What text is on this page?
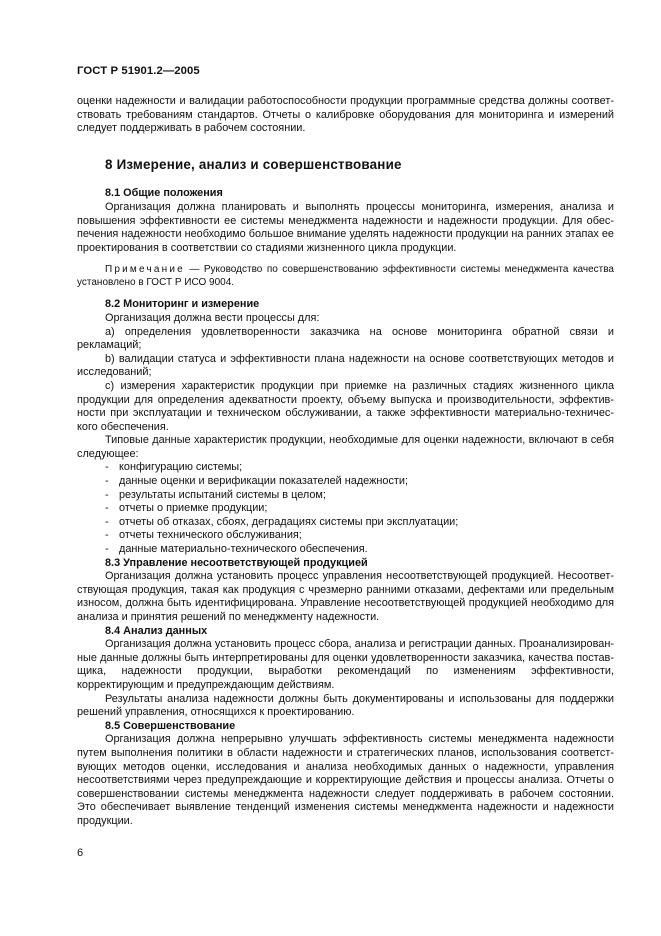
ГОСТ Р 51901.2—2005

оценки надежности и валидации работоспособности продукции программные средства должны соответствовать требованиям стандартов. Отчеты о калибровке оборудования для мониторинга и измерений следует поддерживать в рабочем состоянии.

8 Измерение, анализ и совершенствование

8.1 Общие положения

Организация должна планировать и выполнять процессы мониторинга, измерения, анализа и повышения эффективности ее системы менеджмента надежности и надежности продукции. Для обеспечения надежности необходимо большое внимание уделять надежности продукции на ранних этапах ее проектирования в соответствии со стадиями жизненного цикла продукции.

Примечание — Руководство по совершенствованию эффективности системы менеджмента качества установлено в ГОСТ Р ИСО 9004.

8.2 Мониторинг и измерение

Организация должна вести процессы для:

а) определения удовлетворенности заказчика на основе мониторинга обратной связи и рекламаций;

b) валидации статуса и эффективности плана надежности на основе соответствующих методов и исследований;

c) измерения характеристик продукции при приемке на различных стадиях жизненного цикла продукции для определения адекватности проекту, объему выпуска и производительности, эффективности при эксплуатации и техническом обслуживании, а также эффективности материально-технического обеспечения.

Типовые данные характеристик продукции, необходимые для оценки надежности, включают в себя следующее:

- конфигурацию системы;

- данные оценки и верификации показателей надежности;

- результаты испытаний системы в целом;

- отчеты о приемке продукции;

- отчеты об отказах, сбоях, деградациях системы при эксплуатации;

- отчеты технического обслуживания;

- данные материально-технического обеспечения.

8.3 Управление несоответствующей продукцией

Организация должна установить процесс управления несоответствующей продукцией. Несоответствующая продукция, такая как продукция с чрезмерно ранними отказами, дефектами или предельным износом, должна быть идентифицирована. Управление несоответствующей продукцией необходимо для анализа и принятия решений по менеджменту надежности.

8.4 Анализ данных

Организация должна установить процесс сбора, анализа и регистрации данных. Проанализированные данные должны быть интерпретированы для оценки удовлетворенности заказчика, качества поставщика, надежности продукции, выработки рекомендаций по изменениям эффективности, корректирующим и предупреждающим действиям.

Результаты анализа надежности должны быть документированы и использованы для поддержки решений управления, относящихся к проектированию.

8.5 Совершенствование

Организация должна непрерывно улучшать эффективность системы менеджмента надежности путем выполнения политики в области надежности и стратегических планов, использования соответствующих методов оценки, исследования и анализа необходимых данных о надежности, управления несоответствиями через предупреждающие и корректирующие действия и процессы анализа. Отчеты о совершенствовании системы менеджмента надежности следует поддерживать в рабочем состоянии. Это обеспечивает выявление тенденций изменения системы менеджмента надежности и надежности продукции.

6
